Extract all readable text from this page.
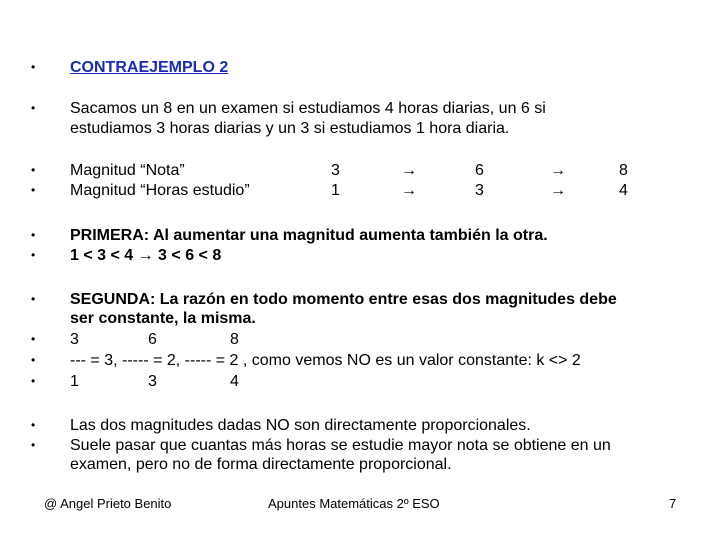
•
•
•
•
•
•
•
•
•
•
•
•
CONTRAEJEMPLO 2
Sacamos un 8 en un examen si estudiamos 4 horas diarias, un 6 si
estudiamos 3 horas diarias y un 3 si estudiamos 1 hora diaria.
Magnitud “Nota”	3	→	6	→	8
Magnitud “Horas estudio”	1	→	3	→	4
PRIMERA: Al aumentar una magnitud aumenta también la otra.
1 < 3 < 4 → 3 < 6 < 8
SEGUNDA: La razón en todo momento entre esas dos magnitudes debe
ser constante, la misma.
3	6	8
--- = 3, ----- = 2, ----- = 2 , como vemos NO es un valor constante: k <> 2
1	3	4
Las dos magnitudes dadas NO son directamente proporcionales.
Suele pasar que cuantas más horas se estudie mayor nota se obtiene en un
examen, pero no de forma directamente proporcional.
@ Angel Prieto Benito	Apuntes Matemáticas 2º ESO	7
